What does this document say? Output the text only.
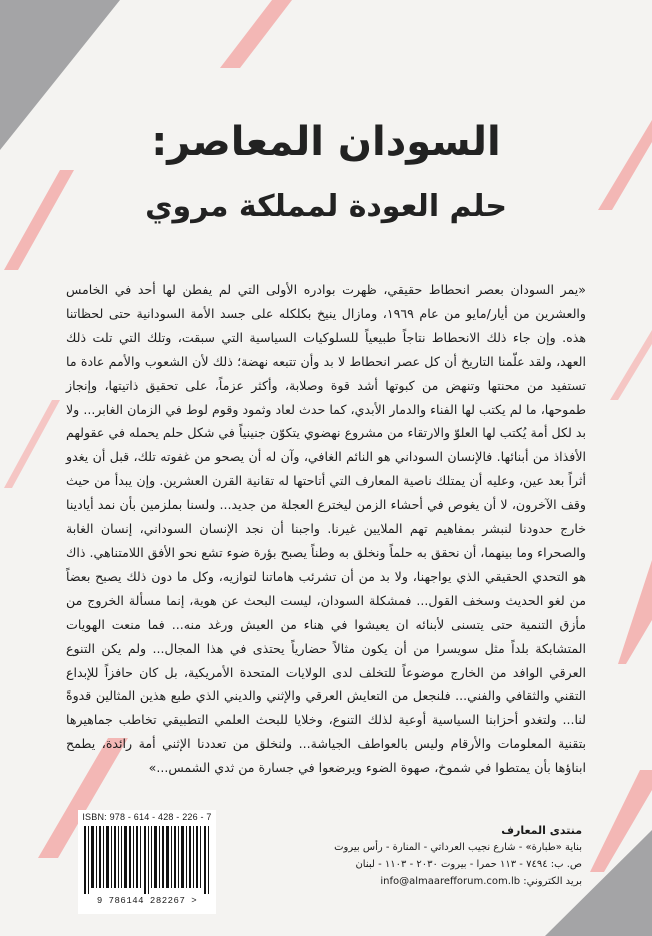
السودان المعاصر:
حلم العودة لمملكة مروي
«يمر السودان بعصر انحطاط حقيقي، ظهرت بوادره الأولى التي لم يفطن لها أحد في الخامس والعشرين من أيار/مايو من عام ١٩٦٩، ومازال ينيخ بكلكله على جسد الأمة السودانية حتى لحظاتنا هذه. وإن جاء ذلك الانحطاط نتاجاً طبيعياً للسلوكيات السياسية التي سبقت، وتلك التي تلت ذلك العهد، ولقد علّمنا التاريخ أن كل عصر انحطاط لا بد وأن تتبعه نهضة؛ ذلك لأن الشعوب والأمم عادة ما تستفيد من محنتها وتنهض من كبوتها أشد قوة وصلابة، وأكثر عزماً، على تحقيق ذاتيتها، وإنجاز طموحها، ما لم يكتب لها الفناء والدمار الأبدي، كما حدث لعاد وثمود وقوم لوط في الزمان الغابر... ولا بد لكل أمة يُكتب لها العلوّ والارتقاء من مشروع نهضوي يتكوّن جنينياً في شكل حلم يحمله في عقولهم الأفذاذ من أبنائها. فالإنسان السوداني هو النائم الغافي، وآن له أن يصحو من غفوته تلك، قبل أن يغدو أثراً بعد عين، وعليه أن يمتلك ناصية المعارف التي أتاحتها له تقانية القرن العشرين. وإن يبدأ من حيث وقف الآخرون، لا أن يغوص في أحشاء الزمن ليخترع العجلة من جديد... ولسنا بملزمين بأن نمد أيادينا خارج حدودنا لنبشر بمفاهيم تهم الملايين غيرنا. واجبنا أن نجد الإنسان السوداني، إنسان الغابة والصحراء وما بينهما، أن نحقق به حلماً ونخلق به وطناً يصبح بؤرة ضوء تشع نحو الأفق اللامتناهي. ذاك هو التحدي الحقيقي الذي يواجهنا، ولا بد من أن تشرئب هاماتنا لتوازيه، وكل ما دون ذلك يصبح بعضاً من لغو الحديث وسخف القول... فمشكلة السودان، ليست البحث عن هوية، إنما مسألة الخروج من مأزق التنمية حتى يتسنى لأبنائه ان يعيشوا في هناء من العيش ورغد منه... فما منعت الهويات المتشابكة بلداً مثل سويسرا من أن يكون مثالاً حضارياً يحتذى في هذا المجال... ولم يكن التنوع العرقي الوافد من الخارج موضوعاً للتخلف لدى الولايات المتحدة الأمريكية، بل كان حافزاً للإبداع التقني والثقافي والفني... فلنجعل من التعايش العرقي والإثني والديني الذي طبع هذين المثالين قدوةً لنا... ولتغدو أحزابنا السياسية أوعية لذلك التنوع، وخلايا للبحث العلمي التطبيقي تخاطب جماهيرها بتقنية المعلومات والأرقام وليس بالعواطف الجياشة... ولنخلق من تعددنا الإثني أمة رائدة، يطمح ابناؤها بأن يمتطوا في شموخ، صهوة الضوء ويرضعوا في جسارة من ثدي الشمس...»
ISBN: 978 - 614 - 428 - 226 - 7
9 786144 282267 >
منتدى المعارف
بناية «طبارة» - شارع نجيب العرداتي - المنارة - رأس بيروت
ص. ب: ٧٤٩٤ - ١١٣ حمرا - بيروت ٢٠٣٠ - ١١٠٣ - لبنان
بريد الكتروني: info@almaarefforum.com.lb
